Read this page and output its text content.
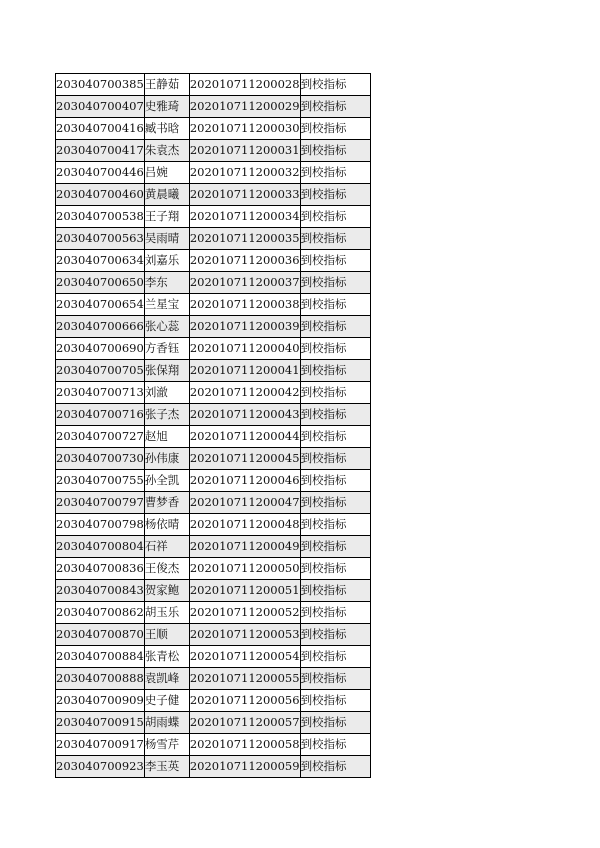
203040700385	王静茹	202010711200028	到校指标
203040700407	史雅琦	202010711200029	到校指标
203040700416	臧书晗	202010711200030	到校指标
203040700417	朱袁杰	202010711200031	到校指标
203040700446	吕婉	202010711200032	到校指标
203040700460	黄晨曦	202010711200033	到校指标
203040700538	王子翔	202010711200034	到校指标
203040700563	吴雨晴	202010711200035	到校指标
203040700634	刘嘉乐	202010711200036	到校指标
203040700650	李东	202010711200037	到校指标
203040700654	兰星宝	202010711200038	到校指标
203040700666	张心蕊	202010711200039	到校指标
203040700690	方香钰	202010711200040	到校指标
203040700705	张保翔	202010711200041	到校指标
203040700713	刘澈	202010711200042	到校指标
203040700716	张子杰	202010711200043	到校指标
203040700727	赵旭	202010711200044	到校指标
203040700730	孙伟康	202010711200045	到校指标
203040700755	孙全凯	202010711200046	到校指标
203040700797	曹梦香	202010711200047	到校指标
203040700798	杨依晴	202010711200048	到校指标
203040700804	石祥	202010711200049	到校指标
203040700836	王俊杰	202010711200050	到校指标
203040700843	贺家鲍	202010711200051	到校指标
203040700862	胡玉乐	202010711200052	到校指标
203040700870	王顺	202010711200053	到校指标
203040700884	张青松	202010711200054	到校指标
203040700888	袁凯峰	202010711200055	到校指标
203040700909	史子健	202010711200056	到校指标
203040700915	胡雨蝶	202010711200057	到校指标
203040700917	杨雪芹	202010711200058	到校指标
203040700923	李玉英	202010711200059	到校指标
